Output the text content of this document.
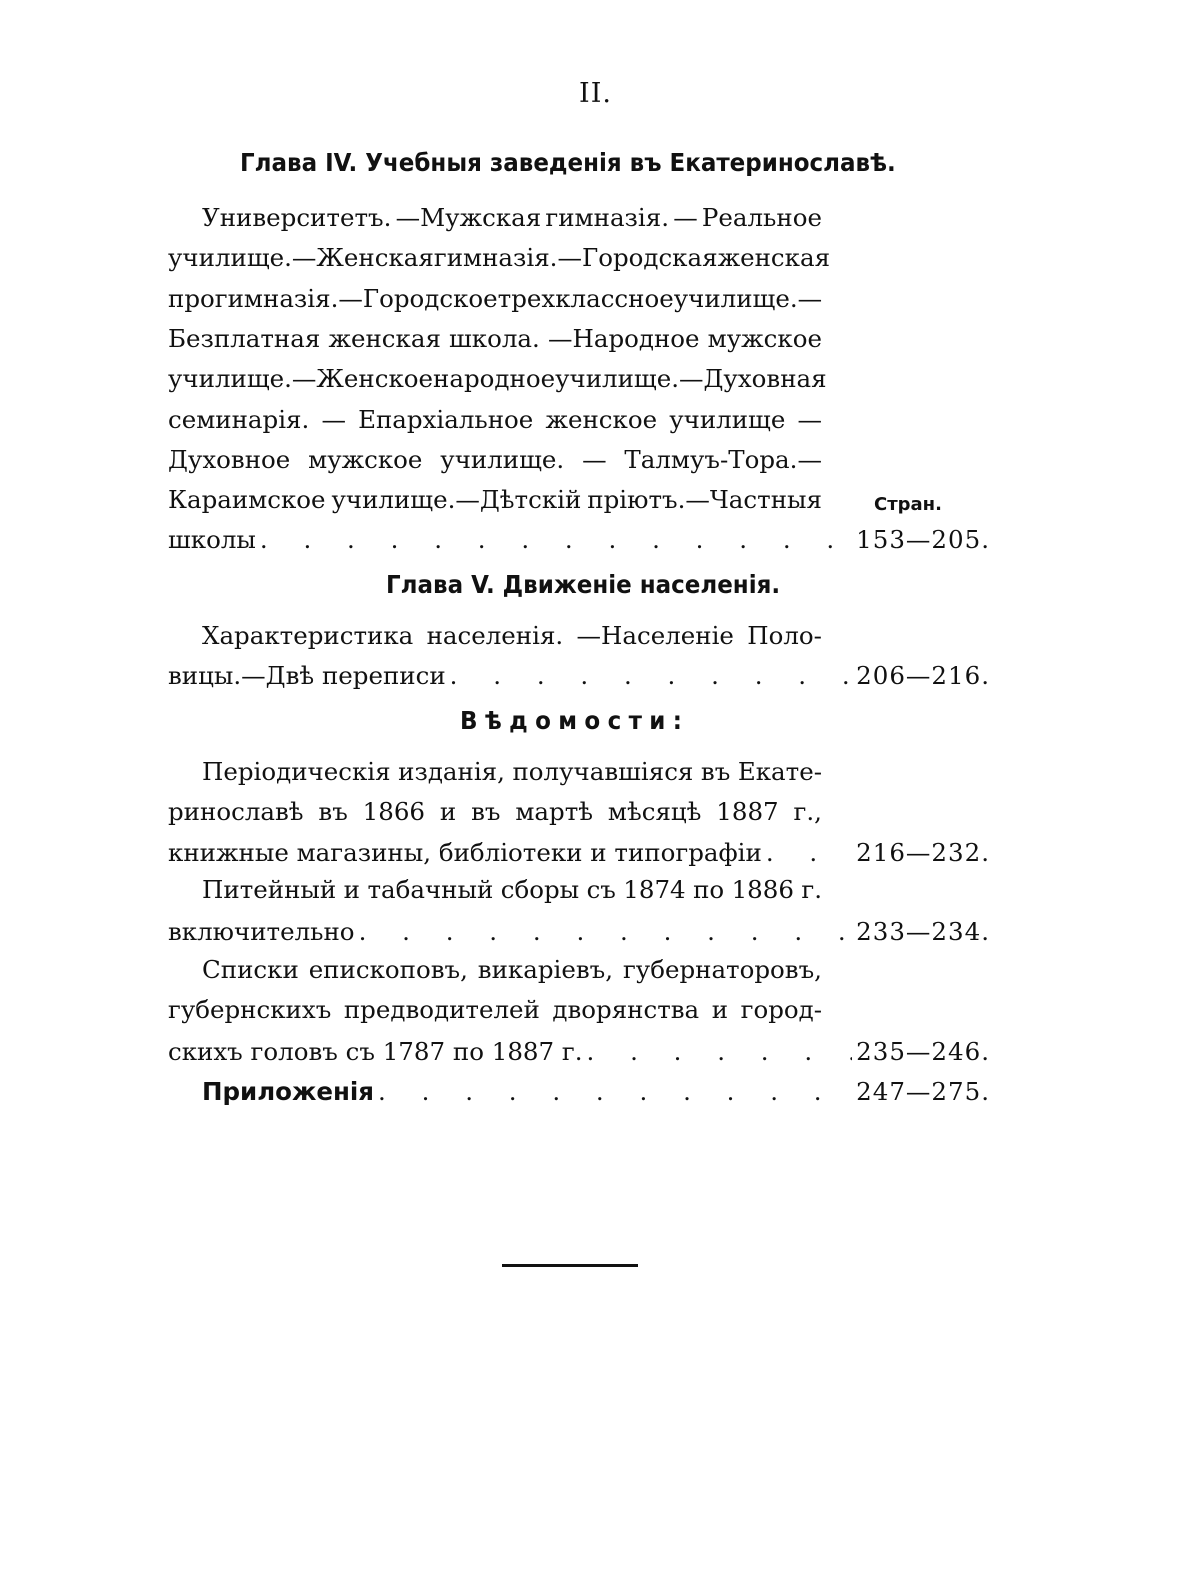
II.
Глава IV. Учебныя заведенія въ Екатеринославѣ.
Университетъ. —Мужская гимназія. — Реальное
училище. — Женская гимназія. —Городская женская
прогимназія.— Городское трехклассное училище.—
Безплатная женская школа. —Народное мужское
училище.—Женское народное училище. —Духовная
семинарія. — Епархіальное женское училище —
Духовное мужское училище. — Талмуъ-Тора.—
Караимское училище.—Дѣтскій пріютъ.—Частныя	Стран.
школы . . .	153—205.
Глава V. Движеніе населенія.
Характеристика населенія. —Населеніе Поло-
вицы.—Двѣ переписи . . .	206—216.
Вѣдомости:
Періодическія изданія, получавшіяся въ Екате-
ринославѣ въ 1866 и въ мартѣ мѣсяцѣ 1887 г.,
книжные магазины, библіотеки и типографіи . . .	216—232.
Питейный и табачный сборы съ 1874 по 1886 г.
включительно . . .	233—234.
Списки епископовъ, викаріевъ, губернаторовъ,
губернскихъ предводителей дворянства и город-
скихъ головъ съ 1787 по 1887 г. . . .	235—246.
Приложенія . . .	247—275.
